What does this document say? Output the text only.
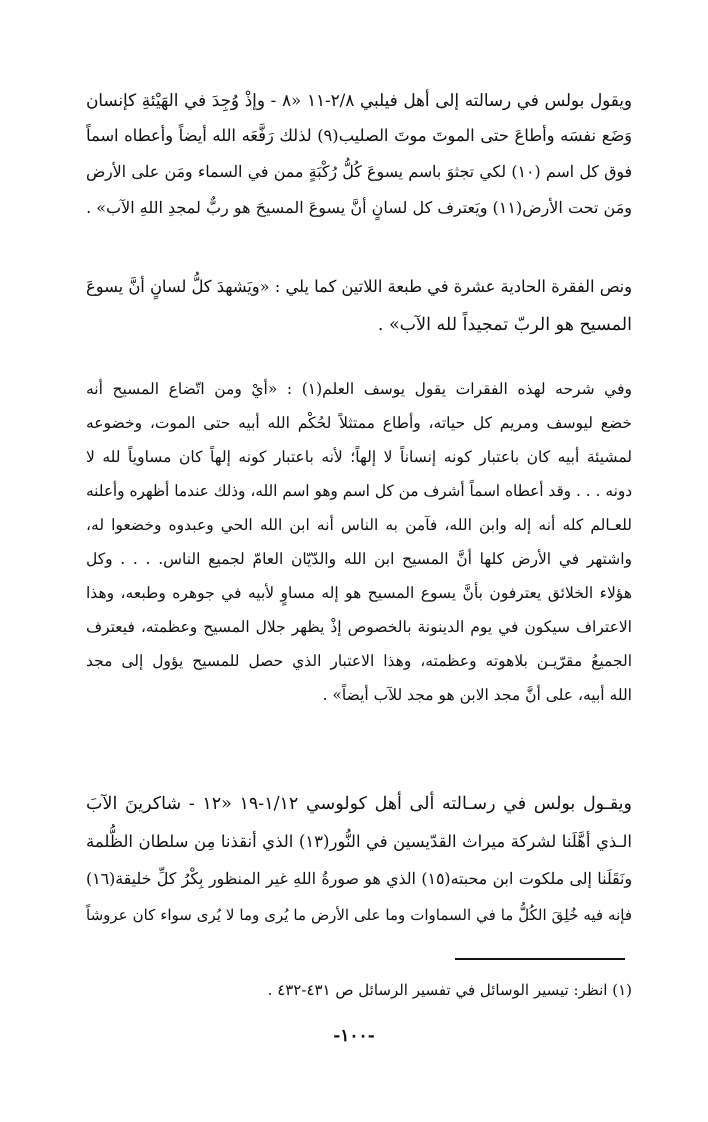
ويقول بولس في رسالته إلى أهل فيلبي ٢/٨-١١ «٨ - وإذْ وُجِدَ في الهَيْئةِ كإنسان
وَضَع نفسَه وأطاعَ حتى الموتَ موتَ الصليب(٩) لذلك رَفَّعَه الله أيضاً وأعطاه اسماً
فوق كل اسم (١٠) لكي تجثوَ باسم يسوعَ كُلُّ رُكْبَةٍ ممن في السماء ومَن على الأرض
ومَن تحت الأرض(١١) ويَعترف كل لسانٍ أنَّ يسوعَ المسيحَ هو ربٌّ لمجدِ اللهِ الآب» .
ونص الفقرة الحادية عشرة في طبعة اللاتين كما يلي : «ويَشهدَ كلُّ لسانٍ أنَّ يسوعَ
المسيح هو الربّ تمجيداً لله الآب» .
وفي شرحه لهذه الفقرات يقول يوسف العلم(١) : «أيْ ومن اتّضاع المسيح أنه
خضع ليوسف ومريم كل حياته، وأطاع ممتثلاً لحُكْم الله أبيه حتى الموت، وخضوعه
لمشيئة أبيه كان باعتبار كونه إنساناً لا إلهاً؛ لأنه باعتبار كونه إلهاً كان مساوياً لله لا
دونه . . . وقد أعطاه اسماً أشرف من كل اسم وهو اسم الله، وذلك عندما أظهره وأعلنه
للعـالم كله أنه إله وابن الله، فآمن به الناس أنه ابن الله الحي وعبدوه وخضعوا له،
واشتهر في الأرض كلها أنَّ المسيح ابن الله والدّيّان العامّ لجميع الناس. . . . وكل
هؤلاء الخلائق يعترفون بأنَّ يسوع المسيح هو إله مساوٍ لأبيه في جوهره وطبعه، وهذا
الاعتراف سيكون في يوم الدينونة بالخصوص إذْ يظهر جلال المسيح وعظمته، فيعترف
الجميعُ مقرّيـن بلاهوته وعظمته، وهذا الاعتبار الذي حصل للمسيح يؤول إلى مجد
الله أبيه، على أنَّ مجد الابن هو مجد للآب أيضاً» .
ويقـول بولس في رسـالته ألى أهل كولوسي ١/١٢-١٩ «١٢ - شاكرينَ الآبَ
الـذي أهَّلَنا لشركة ميراث القدّيسين في النُّور(١٣) الذي أنقذنا مِن سلطان الظُّلمة
ونَقَلَنا إلى ملكوت ابن محبته(١٥) الذي هو صورةُ اللهِ غير المنظور بِكْرُ كلِّ خليقة(١٦)
فإنه فيه خُلِقَ الكُلُّ ما في السماوات وما على الأرض ما يُرى وما لا يُرى سواء كان عروشاً
(١) انظر: تيسير الوسائل في تفسير الرسائل ص ٤٣١-٤٣٢ .
-١٠٠-
